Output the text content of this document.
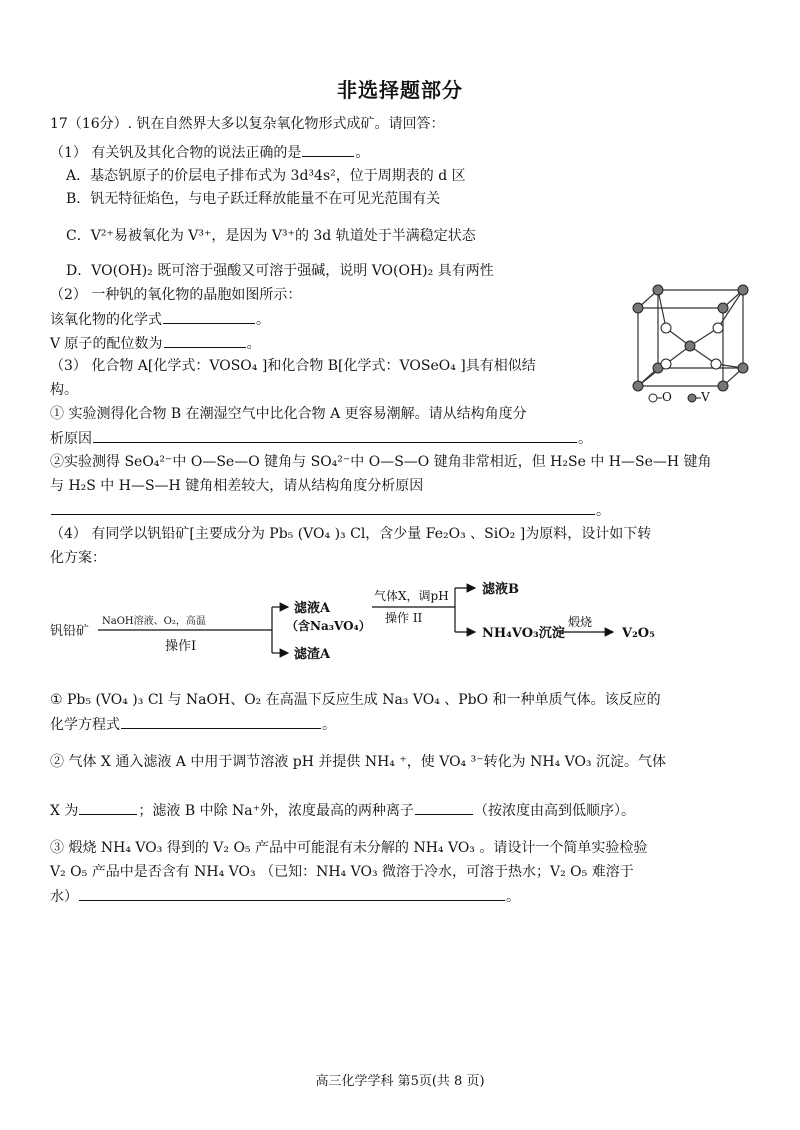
非选择题部分
17（16分）. 钒在自然界大多以复杂氧化物形式成矿。请回答：
（1） 有关钒及其化合物的说法正确的是	。
A．基态钒原子的价层电子排布式为 3d³4s²，位于周期表的 d 区
B．钒无特征焰色，与电子跃迁释放能量不在可见光范围有关
C．V²⁺易被氧化为 V³⁺，是因为 V³⁺的 3d 轨道处于半满稳定状态
D．VO(OH)₂ 既可溶于强酸又可溶于强碱，说明 VO(OH)₂ 具有两性
（2） 一种钒的氧化物的晶胞如图所示：
该氧化物的化学式	。
V 原子的配位数为	。
O V
（3） 化合物 A[化学式：VOSO₄ ]和化合物 B[化学式：VOSeO₄ ]具有相似结
构。
① 实验测得化合物 B 在潮湿空气中比化合物 A 更容易潮解。请从结构角度分
析原因	。
②实验测得 SeO₄²⁻中 O—Se—O 键角与 SO₄²⁻中 O—S—O 键角非常相近，但 H₂Se 中 H—Se—H 键角
与 H₂S 中 H—S—H 键角相差较大，请从结构角度分析原因
。
（4） 有同学以钒铅矿[主要成分为 Pb₅ (VO₄ )₃ Cl，含少量 Fe₂O₃ 、SiO₂ ]为原料，设计如下转
化方案：
钒铅矿
NaOH溶液、O₂，高温
操作I
滤液A
（含Na₃VO₄）
滤渣A
气体X，调pH
操作 II
滤液B
NH₄VO₃沉淀
煅烧
V₂O₅
① Pb₅ (VO₄ )₃ Cl 与 NaOH、O₂ 在高温下反应生成 Na₃ VO₄ 、PbO 和一种单质气体。该反应的
化学方程式	。
② 气体 X 通入滤液 A 中用于调节溶液 pH 并提供 NH₄ ⁺，使 VO₄ ³⁻转化为 NH₄ VO₃ 沉淀。气体
X 为	；滤液 B 中除 Na⁺外，浓度最高的两种离子	（按浓度由高到低顺序）。
③ 煅烧 NH₄ VO₃ 得到的 V₂ O₅ 产品中可能混有未分解的 NH₄ VO₃ 。请设计一个简单实验检验
V₂ O₅ 产品中是否含有 NH₄ VO₃ （已知：NH₄ VO₃ 微溶于冷水，可溶于热水；V₂ O₅ 难溶于
水）	。
高三化学学科 第5页(共 8 页)
